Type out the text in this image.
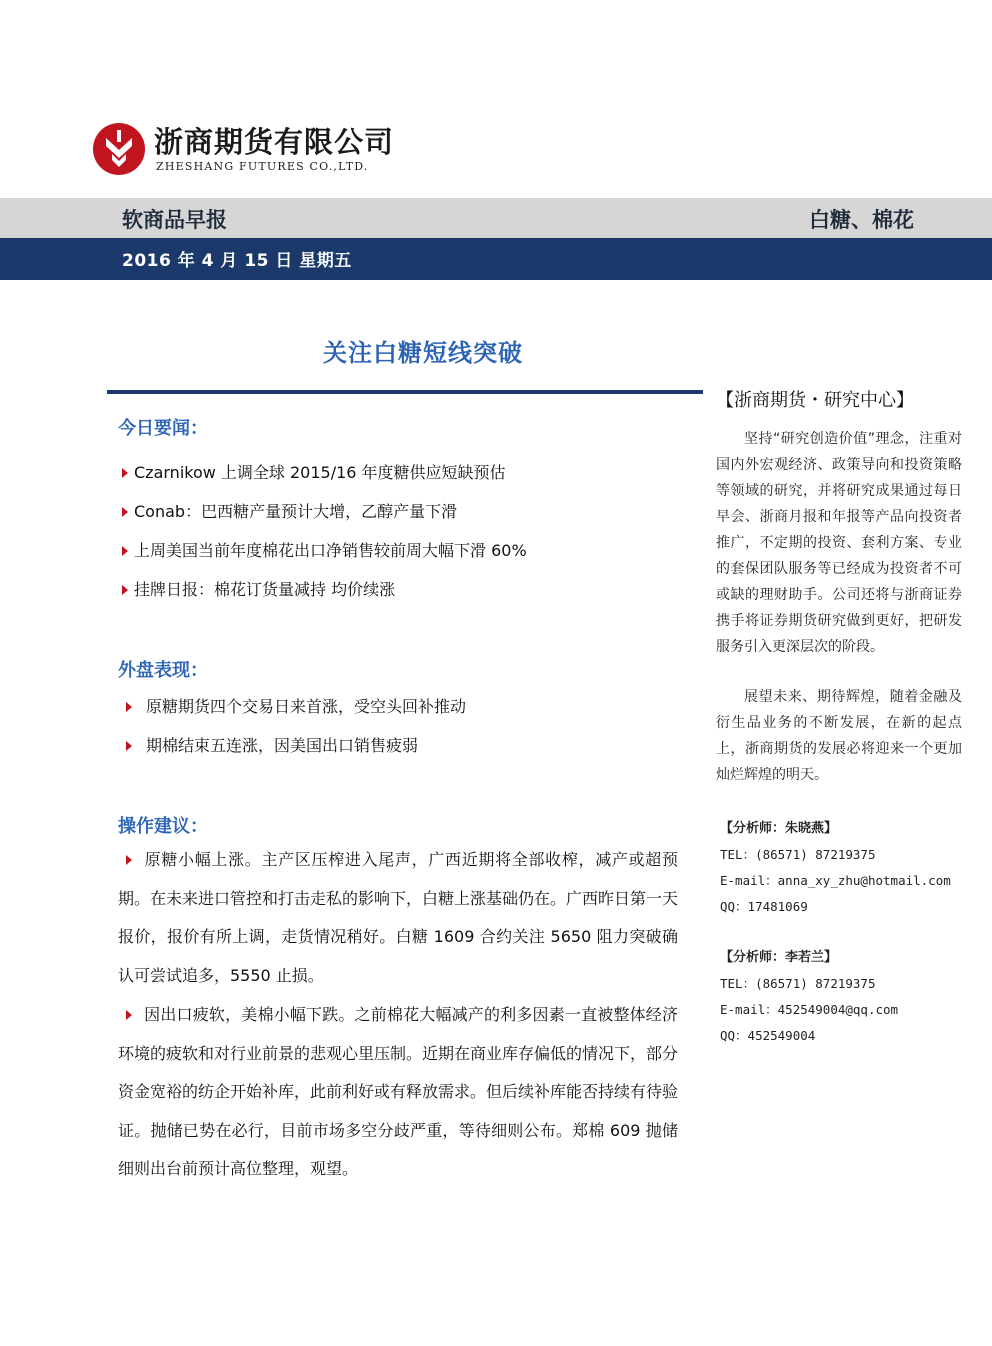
浙商期货有限公司
ZHESHANG FUTURES CO.,LTD.
软商品早报	白糖、棉花
2016 年 4 月 15 日 星期五
关注白糖短线突破
今日要闻：
Czarnikow 上调全球 2015/16 年度糖供应短缺预估
Conab：巴西糖产量预计大增，乙醇产量下滑
上周美国当前年度棉花出口净销售较前周大幅下滑 60%
挂牌日报：棉花订货量减持 均价续涨
外盘表现：
原糖期货四个交易日来首涨，受空头回补推动
期棉结束五连涨，因美国出口销售疲弱
操作建议：
原糖小幅上涨。主产区压榨进入尾声，广西近期将全部收榨，减产或超预期。在未来进口管控和打击走私的影响下，白糖上涨基础仍在。广西昨日第一天报价，报价有所上调，走货情况稍好。白糖 1609 合约关注 5650 阻力突破确认可尝试追多，5550 止损。
因出口疲软，美棉小幅下跌。之前棉花大幅减产的利多因素一直被整体经济环境的疲软和对行业前景的悲观心里压制。近期在商业库存偏低的情况下，部分资金宽裕的纺企开始补库，此前利好或有释放需求。但后续补库能否持续有待验证。抛储已势在必行，目前市场多空分歧严重，等待细则公布。郑棉 609 抛储细则出台前预计高位整理，观望。
【浙商期货・研究中心】
坚持“研究创造价值”理念，注重对国内外宏观经济、政策导向和投资策略等领域的研究，并将研究成果通过每日早会、浙商月报和年报等产品向投资者推广，不定期的投资、套利方案、专业的套保团队服务等已经成为投资者不可或缺的理财助手。公司还将与浙商证券携手将证券期货研究做到更好，把研发服务引入更深层次的阶段。
展望未来、期待辉煌，随着金融及衍生品业务的不断发展，在新的起点上，浙商期货的发展必将迎来一个更加灿烂辉煌的明天。
【分析师：朱晓燕】
TEL：(86571) 87219375
E-mail：anna_xy_zhu@hotmail.com
QQ：17481069
【分析师：李若兰】
TEL：(86571) 87219375
E-mail：452549004@qq.com
QQ：452549004
